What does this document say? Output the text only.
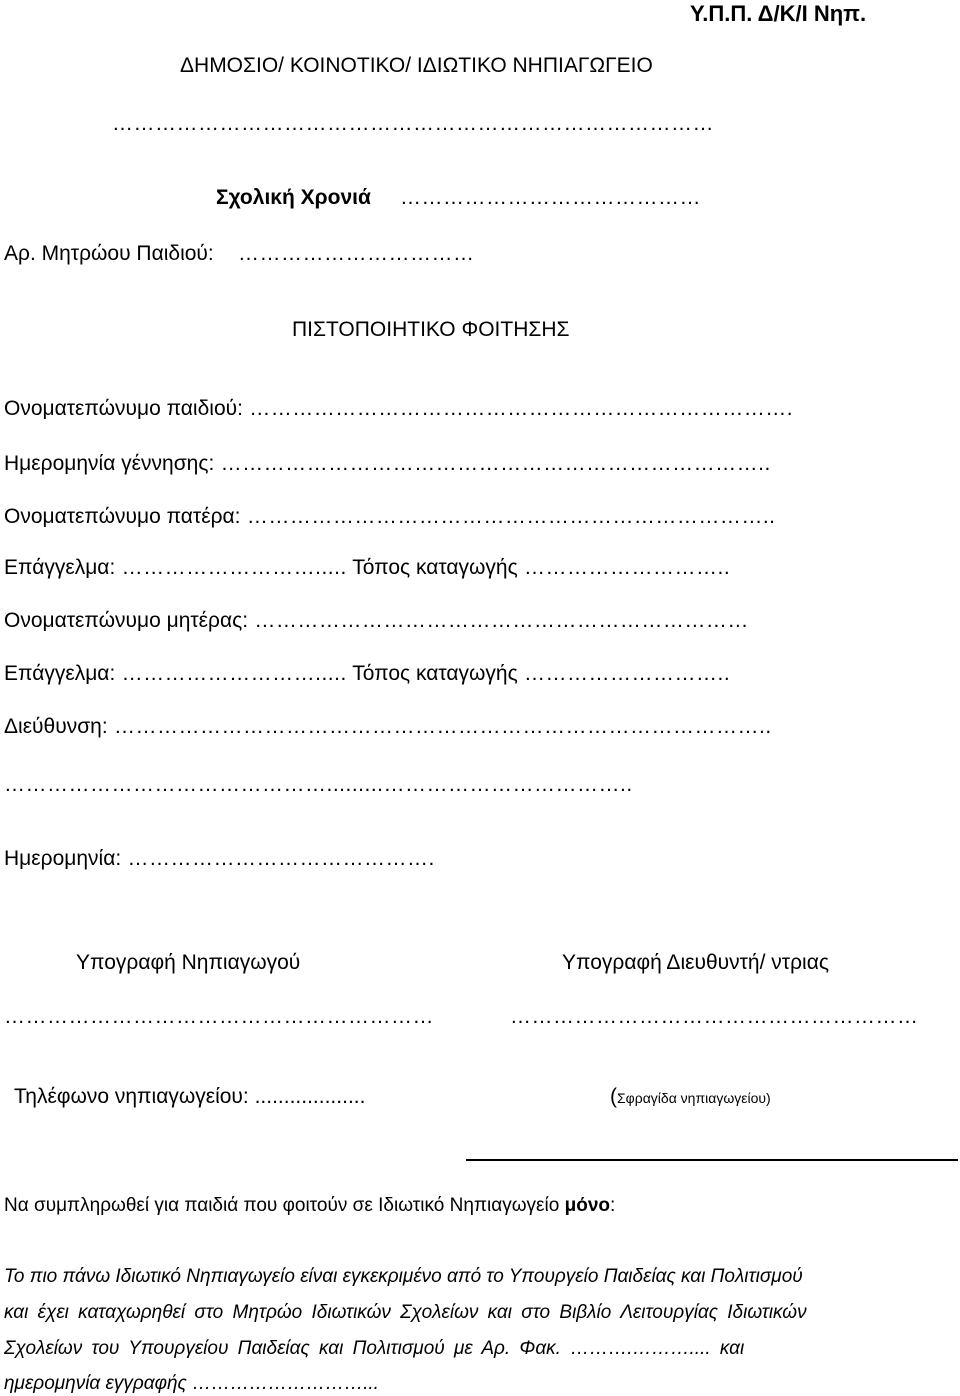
Υ.Π.Π. Δ/Κ/Ι Νηπ.
ΔΗΜΟΣΙΟ/ ΚΟΙΝΟΤΙΚΟ/ ΙΔΙΩΤΙΚΟ ΝΗΠΙΑΓΩΓΕΙΟ
…………………………………………………………………………
Σχολική Χρονιά ……………………………………
Αρ. Μητρώου Παιδιού: ……………………………
ΠΙΣΤΟΠΟΙΗΤΙΚΟ ΦΟΙΤΗΣΗΣ
Ονοματεπώνυμο παιδιού: ………………………………………………………………….
Ημερομηνία γέννησης: …………………………………………………………………..
Ονοματεπώνυμο πατέρα: ………………………………………………………………..
Επάγγελμα: ………………………..... Τόπος καταγωγής ………………………..
Ονοματεπώνυμο μητέρας: ……………………………………………………………
Επάγγελμα: ………………………..... Τόπος καταγωγής ………………………..
Διεύθυνση: ………………………………………………………………………………..
……………………………………….........……………………………..
Ημερομηνία: …………………………………….
Υπογραφή Νηπιαγωγού	Υπογραφή Διευθυντή/ ντριας
……………………………………………………	…………………………………………………
Τηλέφωνο νηπιαγωγείου: ...................	(Σφραγίδα νηπιαγωγείου)
Να συμπληρωθεί για παιδιά που φοιτούν σε Ιδιωτικό Νηπιαγωγείο μόνο:
Το πιο πάνω Ιδιωτικό Νηπιαγωγείο είναι εγκεκριμένο από το Υπουργείο Παιδείας και Πολιτισμού
και έχει καταχωρηθεί στο Μητρώο Ιδιωτικών Σχολείων και στο Βιβλίο Λειτουργίας Ιδιωτικών
Σχολείων του Υπουργείου Παιδείας και Πολιτισμού με Αρ. Φακ. ……….……….... και
ημερομηνία εγγραφής ………………………...
